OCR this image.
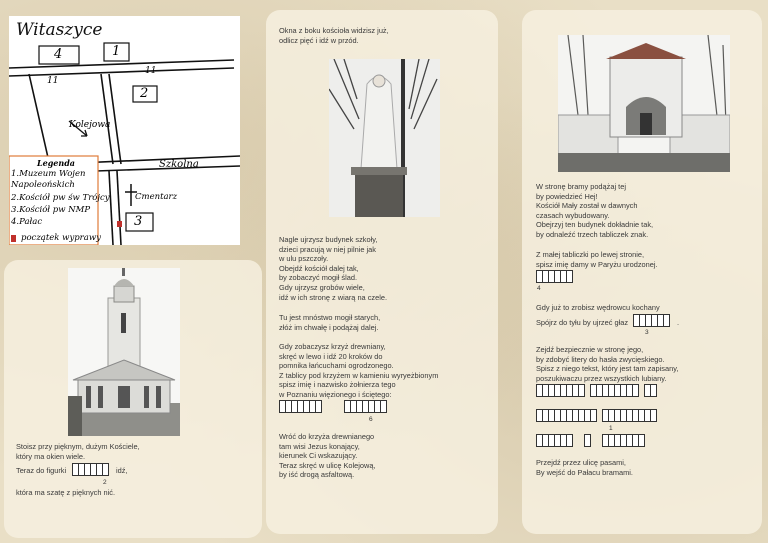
Witaszyce
4	1
2
3
11
11
Kolejowa
Szkolna
Cmentarz
Legenda
1.Muzeum Wojen Napoleońskich
2.Kościół pw św Trójcy
3.Kościół pw NMP
4.Pałac
początek wyprawy
Stoisz przy pięknym, dużym Kościele,
który ma okien wiele.
Teraz do figurki	idź,
2
która ma szatę z pięknych nić.
Okna z boku kościoła widzisz już,
odlicz pięć i idź w przód.
Nagle ujrzysz budynek szkoły,
dzieci pracują w niej pilnie jak
w ulu pszczoły.
Obejdź kościół dalej tak,
by zobaczyć mogił ślad.
Gdy ujrzysz grobów wiele,
idź w ich stronę z wiarą na czele.
Tu jest mnóstwo mogił starych,
złóż im chwałę i podążaj dalej.
Gdy zobaczysz krzyż drewniany,
skręć w lewo i idź 20 kroków do
pomnika łańcuchami ogrodzonego.
Z tablicy pod krzyżem w kamieniu wyryeżbionym
spisz imię i nazwisko żołnierza tego
w Poznaniu więzionego i ściętego:
6
Wróć do krzyża drewnianego
tam wisi Jezus konający,
kierunek Ci wskazujący.
Teraz skręć w ulicę Kolejową,
by iść drogą asfaltową.
W stronę bramy podążaj tej
by powiedzieć Hej!
Kościół Mały został w dawnych
czasach wybudowany.
Obejrzyj ten budynek dokładnie tak,
by odnaleźć trzech tabliczek znak.
Z małej tabliczki po lewej stronie,
spisz imię damy w Paryżu urodzonej.
4
Gdy już to zrobisz wędrowcu kochany
Spójrz do tyłu by ujrzeć głaz	.
3
Zejdź bezpiecznie w stronę jego,
by zdobyć litery do hasła zwycięskiego.
Spisz z niego tekst, który jest tam zapisany,
poszukiwaczu przez wszystkich lubiany.
1
Przejdź przez ulicę pasami,
By wejść do Pałacu bramami.
